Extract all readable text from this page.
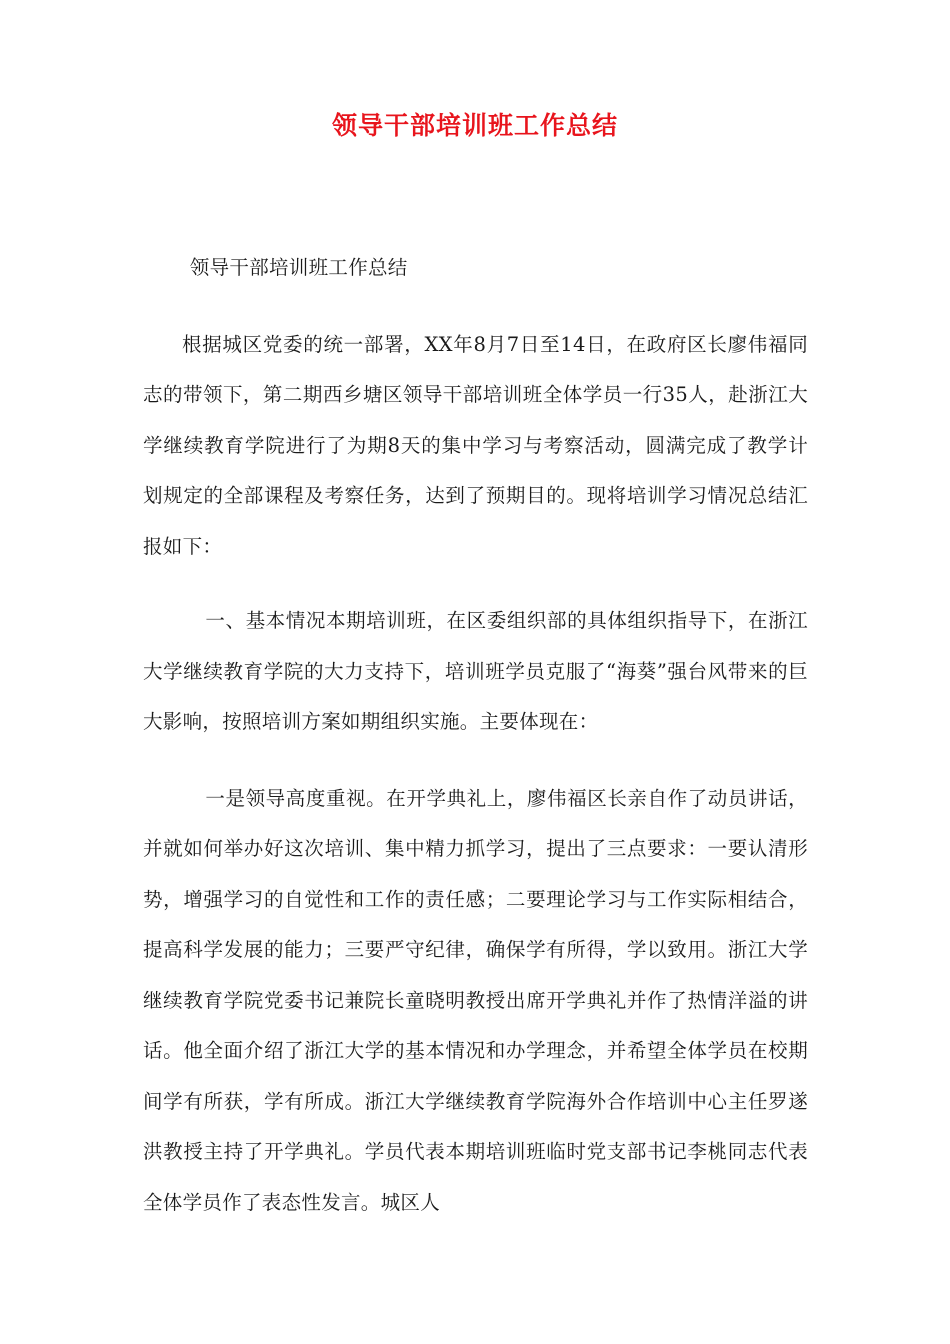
领导干部培训班工作总结

领导干部培训班工作总结

根据城区党委的统一部署，XX年8月7日至14日，在政府区长廖伟福同志的带领下，第二期西乡塘区领导干部培训班全体学员一行35人，赴浙江大学继续教育学院进行了为期8天的集中学习与考察活动，圆满完成了教学计划规定的全部课程及考察任务，达到了预期目的。现将培训学习情况总结汇报如下：

一、基本情况本期培训班，在区委组织部的具体组织指导下，在浙江大学继续教育学院的大力支持下，培训班学员克服了“海葵”强台风带来的巨大影响，按照培训方案如期组织实施。主要体现在：

一是领导高度重视。在开学典礼上，廖伟福区长亲自作了动员讲话，并就如何举办好这次培训、集中精力抓学习，提出了三点要求：一要认清形势，增强学习的自觉性和工作的责任感；二要理论学习与工作实际相结合，提高科学发展的能力；三要严守纪律，确保学有所得，学以致用。浙江大学继续教育学院党委书记兼院长童晓明教授出席开学典礼并作了热情洋溢的讲话。他全面介绍了浙江大学的基本情况和办学理念，并希望全体学员在校期间学有所获，学有所成。浙江大学继续教育学院海外合作培训中心主任罗遂洪教授主持了开学典礼。学员代表本期培训班临时党支部书记李桃同志代表全体学员作了表态性发言。城区人
